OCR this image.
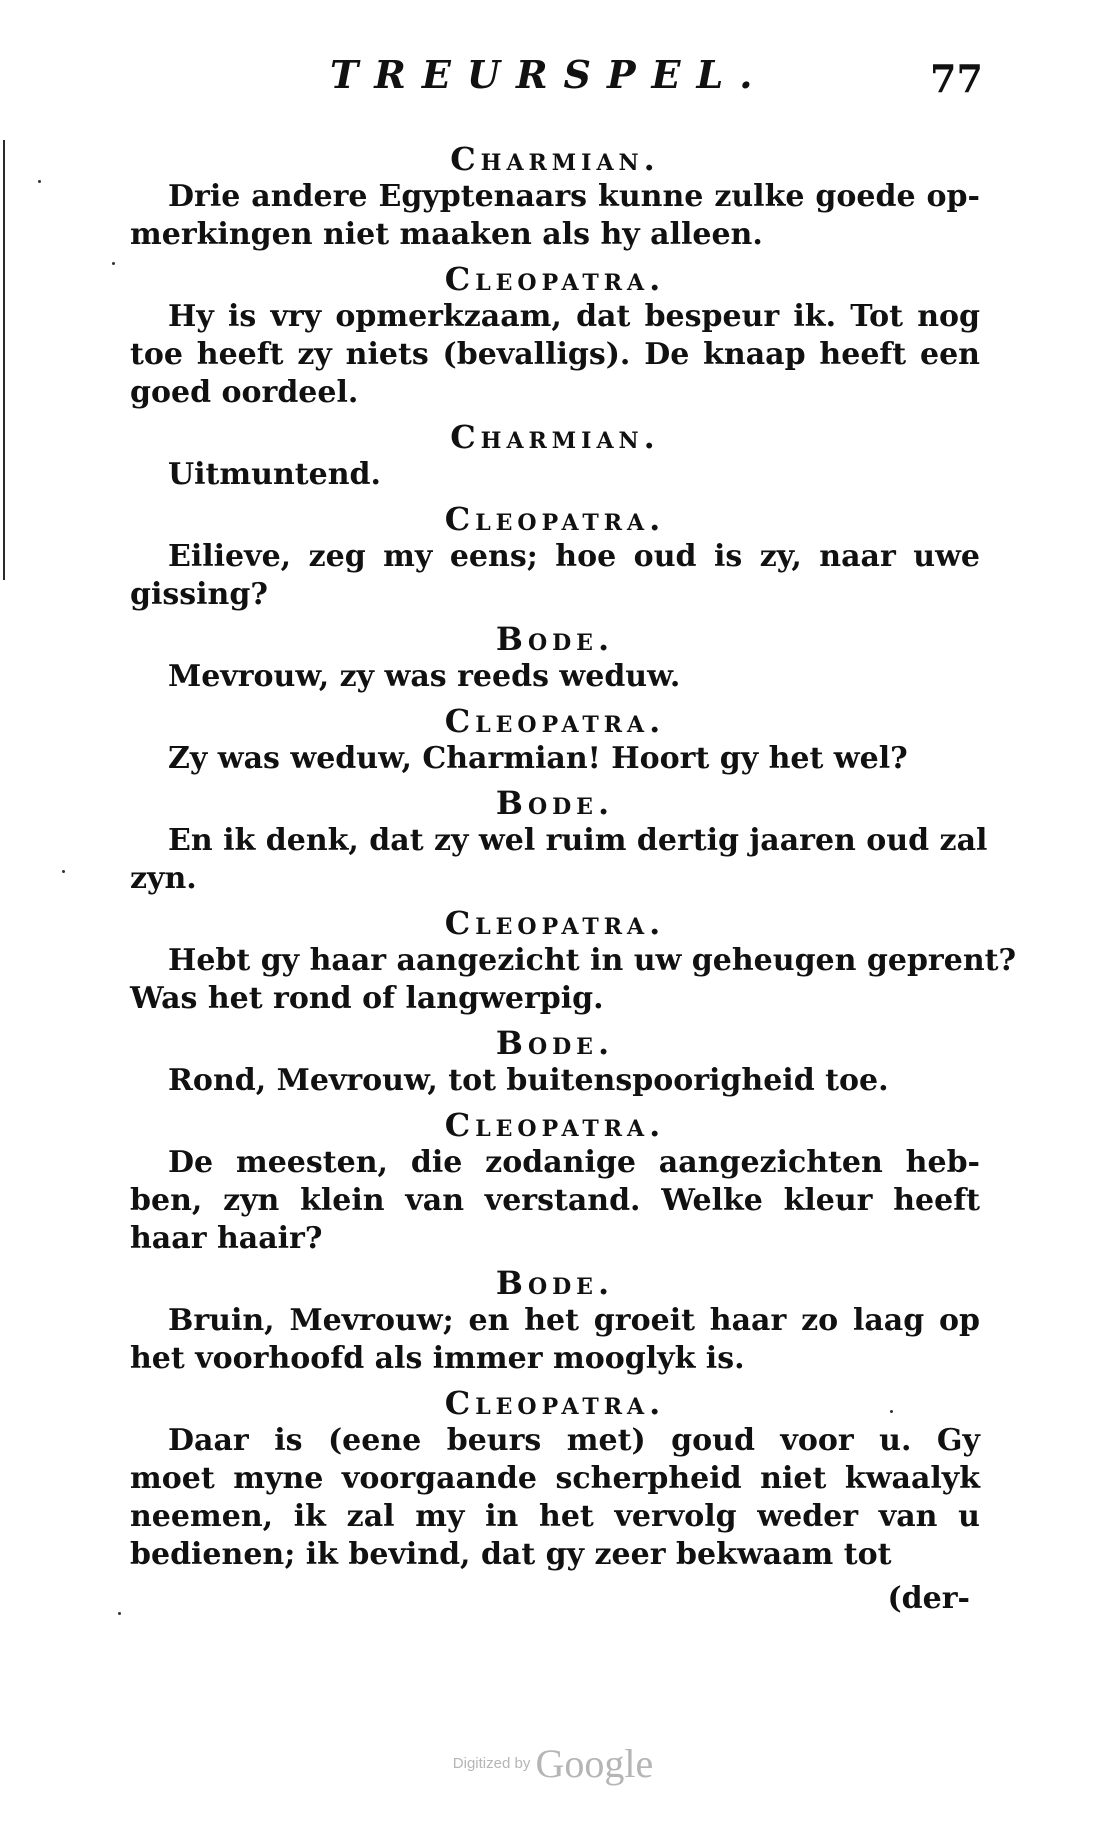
TREURSPEL.	77

Charmian.

Drie andere Egyptenaars kunne zulke goede op-

merkingen niet maaken als hy alleen.

Cleopatra.

Hy is vry opmerkzaam, dat bespeur ik. Tot nog

toe heeft zy niets (bevalligs). De knaap heeft een

goed oordeel.

Charmian.

Uitmuntend.

Cleopatra.

Eilieve, zeg my eens; hoe oud is zy, naar uwe

gissing?

Bode.

Mevrouw, zy was reeds weduw.

Cleopatra.

Zy was weduw, Charmian! Hoort gy het wel?

Bode.

En ik denk, dat zy wel ruim dertig jaaren oud zal

zyn.

Cleopatra.

Hebt gy haar aangezicht in uw geheugen geprent?

Was het rond of langwerpig.

Bode.

Rond, Mevrouw, tot buitenspoorigheid toe.

Cleopatra.

De meesten, die zodanige aangezichten heb-

ben, zyn klein van verstand. Welke kleur heeft

haar haair?

Bode.

Bruin, Mevrouw; en het groeit haar zo laag op

het voorhoofd als immer mooglyk is.

Cleopatra.

Daar is (eene beurs met) goud voor u. Gy

moet myne voorgaande scherpheid niet kwaalyk

neemen, ik zal my in het vervolg weder van u

bedienen; ik bevind, dat gy zeer bekwaam tot

(der-

Digitized by Google
